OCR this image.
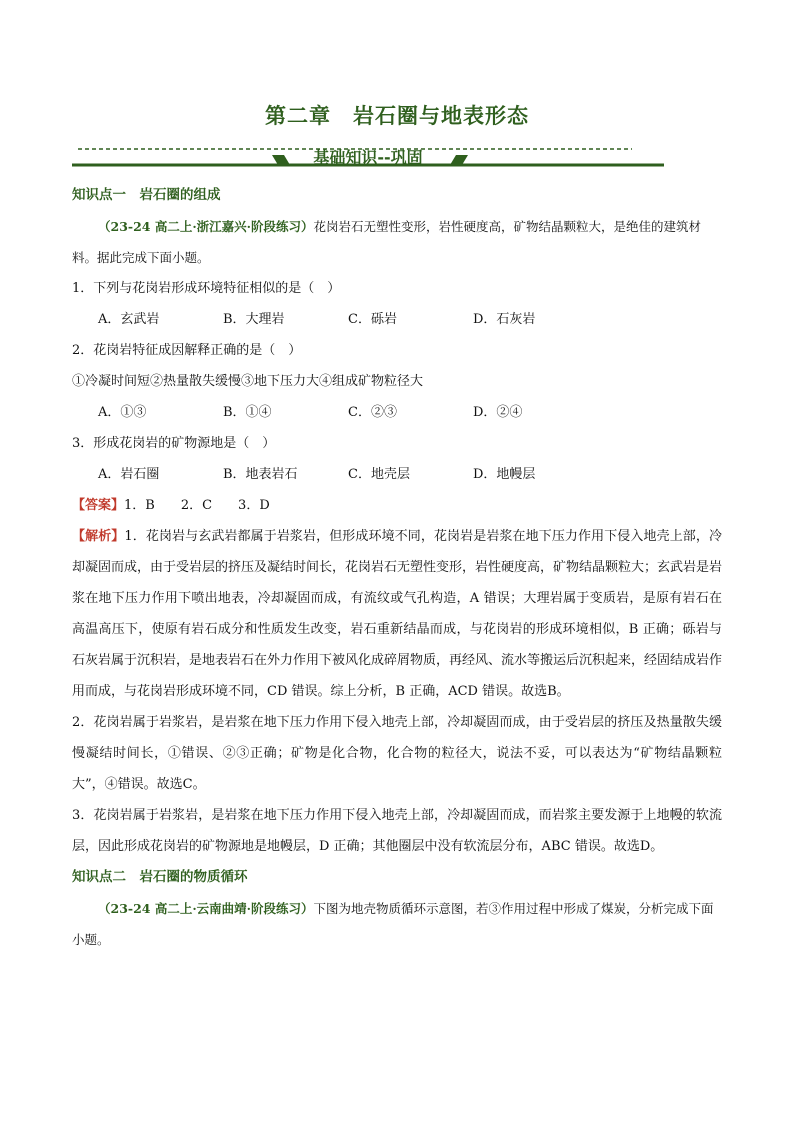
第二章　岩石圈与地表形态
基础知识--巩固
知识点一　岩石圈的组成
（23-24 高二上·浙江嘉兴·阶段练习）花岗岩石无塑性变形，岩性硬度高，矿物结晶颗粒大，是绝佳的建筑材料。据此完成下面小题。
1．下列与花岗岩形成环境特征相似的是（　）
A．玄武岩	B．大理岩	C．砾岩	D．石灰岩
2．花岗岩特征成因解释正确的是（　）
①冷凝时间短②热量散失缓慢③地下压力大④组成矿物粒径大
A．①③	B．①④	C．②③	D．②④
3．形成花岗岩的矿物源地是（　）
A．岩石圈	B．地表岩石	C．地壳层	D．地幔层
【答案】1．B　　2．C　　3．D
【解析】1．花岗岩与玄武岩都属于岩浆岩，但形成环境不同，花岗岩是岩浆在地下压力作用下侵入地壳上部，冷却凝固而成，由于受岩层的挤压及凝结时间长，花岗岩石无塑性变形，岩性硬度高，矿物结晶颗粒大；玄武岩是岩浆在地下压力作用下喷出地表，冷却凝固而成，有流纹或气孔构造，A 错误；大理岩属于变质岩，是原有岩石在高温高压下，使原有岩石成分和性质发生改变，岩石重新结晶而成，与花岗岩的形成环境相似，B 正确；砾岩与石灰岩属于沉积岩，是地表岩石在外力作用下被风化成碎屑物质，再经风、流水等搬运后沉积起来，经固结成岩作用而成，与花岗岩形成环境不同，CD 错误。综上分析，B 正确，ACD 错误。故选B。
2．花岗岩属于岩浆岩，是岩浆在地下压力作用下侵入地壳上部，冷却凝固而成，由于受岩层的挤压及热量散失缓慢凝结时间长，①错误、②③正确；矿物是化合物，化合物的粒径大，说法不妥，可以表达为“矿物结晶颗粒大”，④错误。故选C。
3．花岗岩属于岩浆岩，是岩浆在地下压力作用下侵入地壳上部，冷却凝固而成，而岩浆主要发源于上地幔的软流层，因此形成花岗岩的矿物源地是地幔层，D 正确；其他圈层中没有软流层分布，ABC 错误。故选D。
知识点二　岩石圈的物质循环
（23-24 高二上·云南曲靖·阶段练习）下图为地壳物质循环示意图，若③作用过程中形成了煤炭，分析完成下面小题。
